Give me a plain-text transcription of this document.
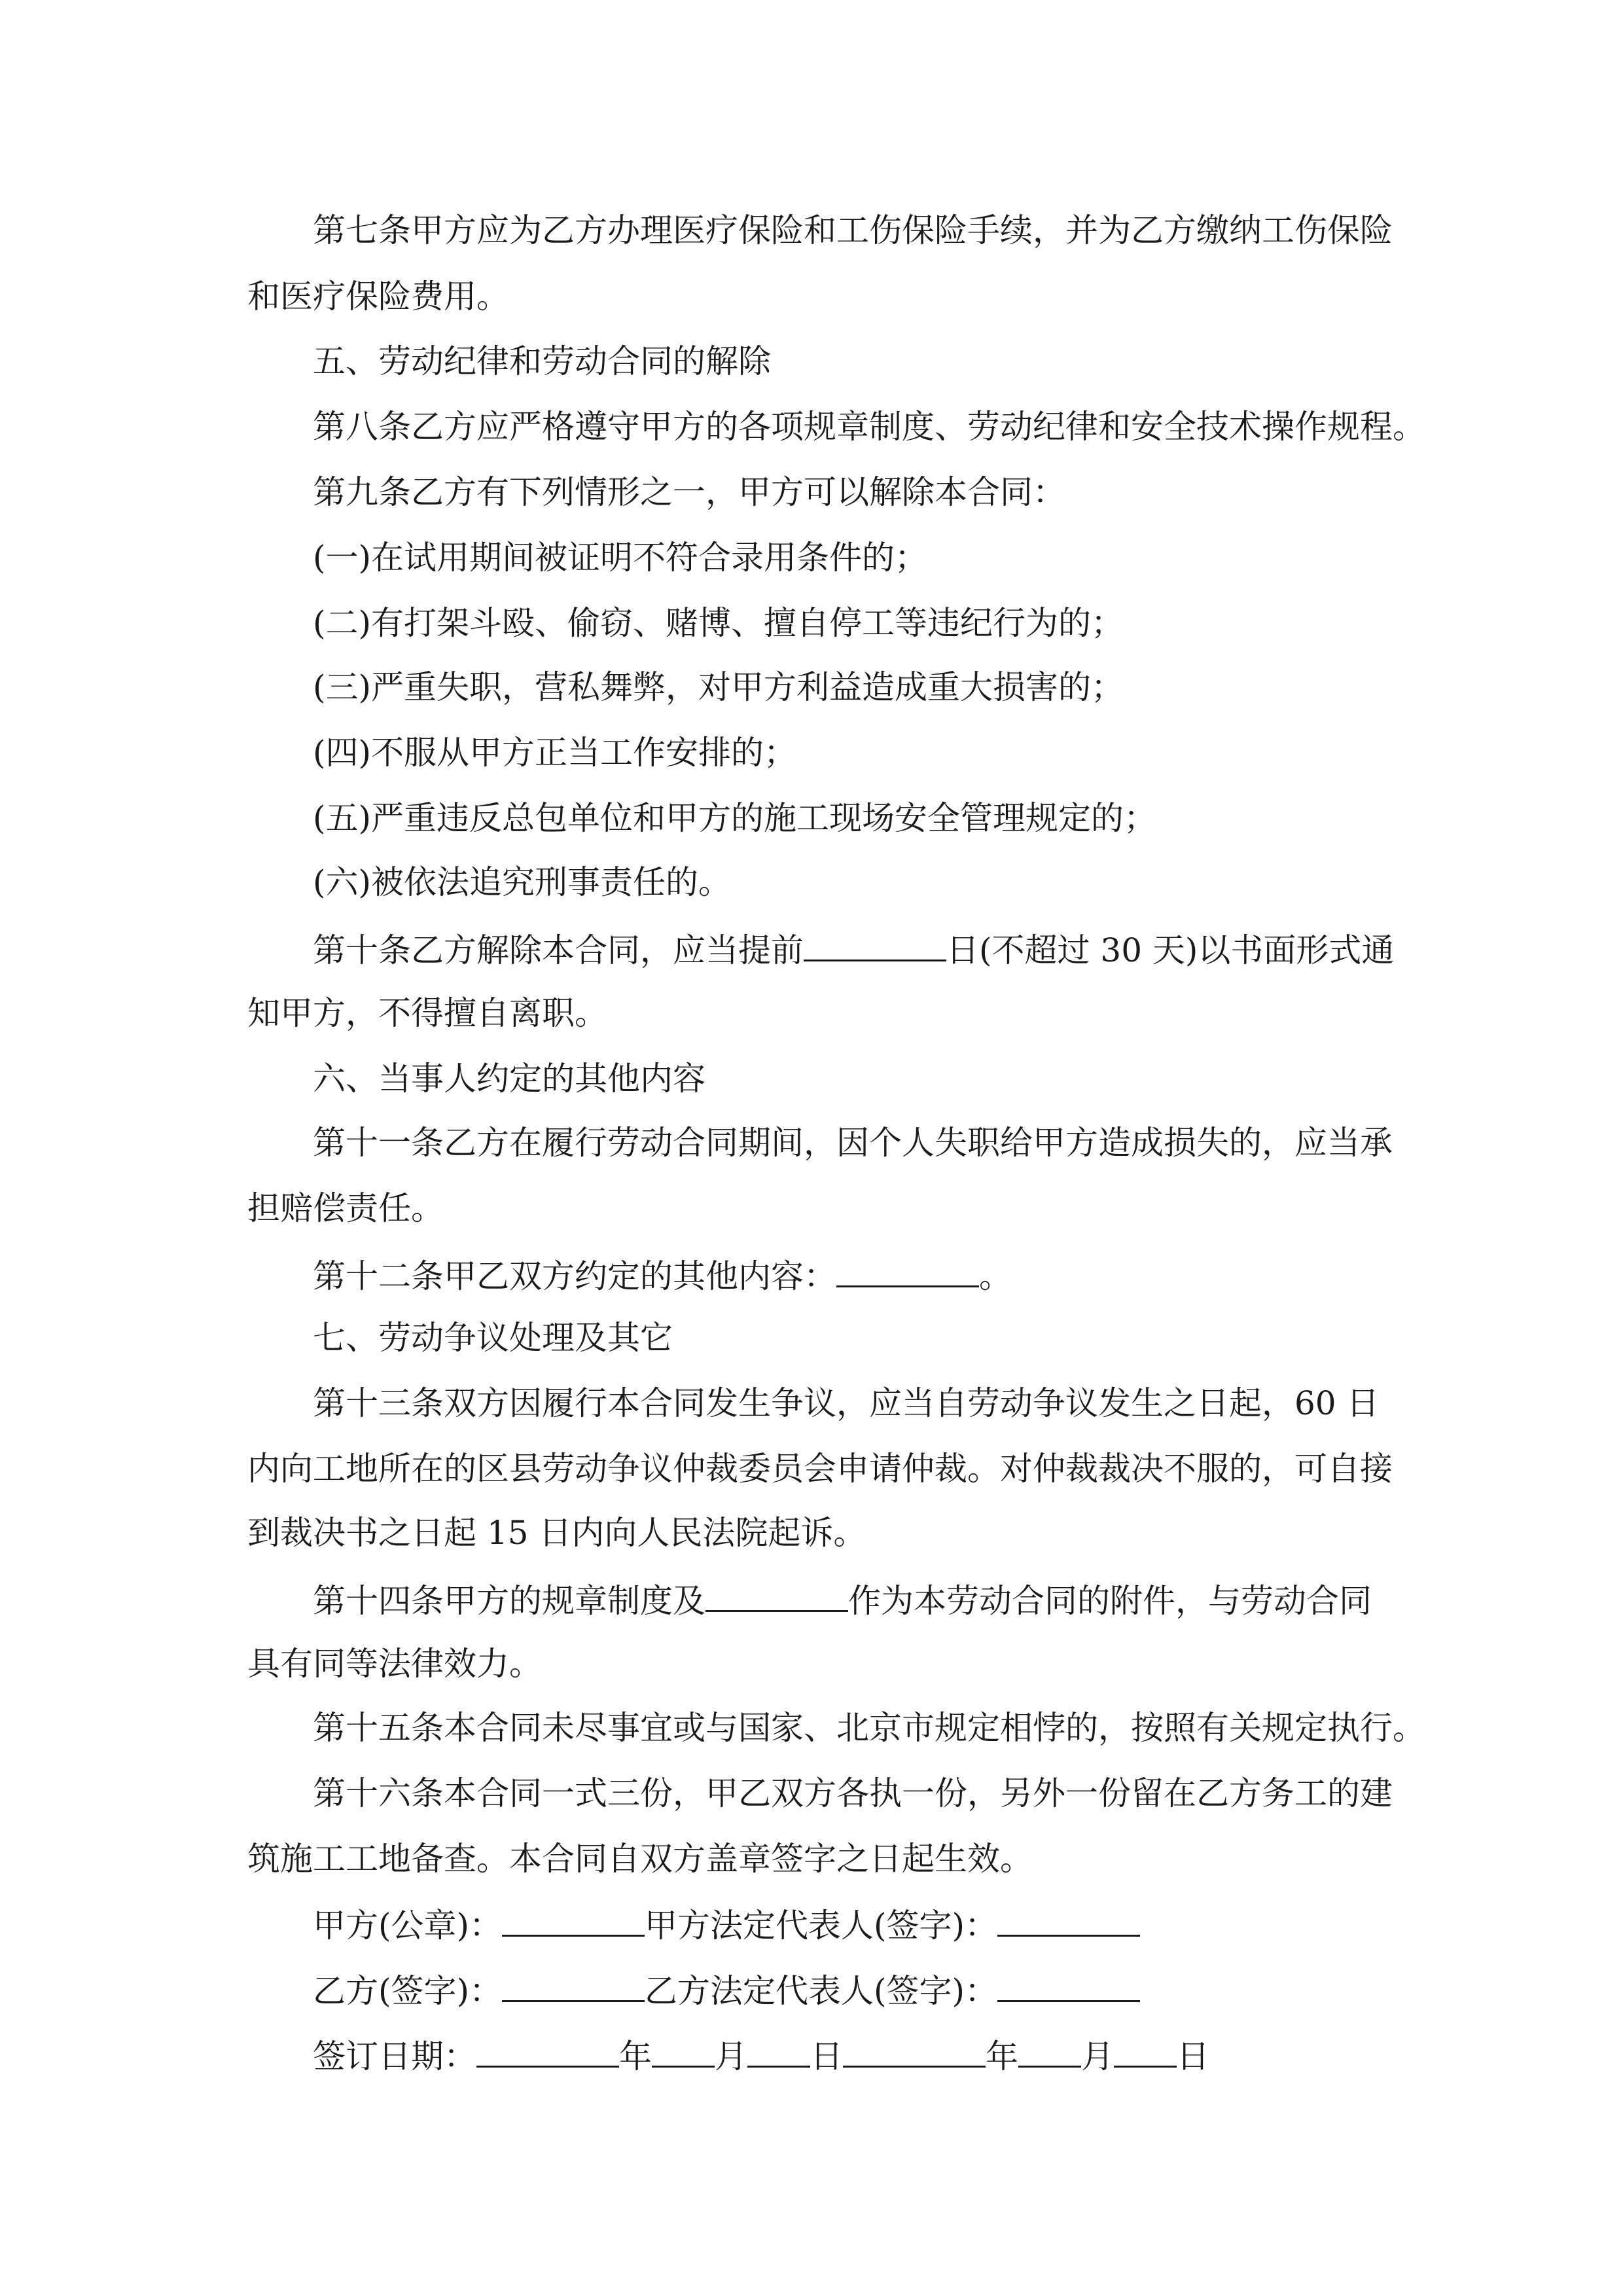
第七条甲方应为乙方办理医疗保险和工伤保险手续，并为乙方缴纳工伤保险
和医疗保险费用。
五、劳动纪律和劳动合同的解除
第八条乙方应严格遵守甲方的各项规章制度、劳动纪律和安全技术操作规程。
第九条乙方有下列情形之一，甲方可以解除本合同：
(一)在试用期间被证明不符合录用条件的；
(二)有打架斗殴、偷窃、赌博、擅自停工等违纪行为的；
(三)严重失职，营私舞弊，对甲方利益造成重大损害的；
(四)不服从甲方正当工作安排的；
(五)严重违反总包单位和甲方的施工现场安全管理规定的；
(六)被依法追究刑事责任的。
第十条乙方解除本合同，应当提前	日(不超过 30 天)以书面形式通
知甲方，不得擅自离职。
六、当事人约定的其他内容
第十一条乙方在履行劳动合同期间，因个人失职给甲方造成损失的，应当承
担赔偿责任。
第十二条甲乙双方约定的其他内容：	。
七、劳动争议处理及其它
第十三条双方因履行本合同发生争议，应当自劳动争议发生之日起，60 日
内向工地所在的区县劳动争议仲裁委员会申请仲裁。对仲裁裁决不服的，可自接
到裁决书之日起 15 日内向人民法院起诉。
第十四条甲方的规章制度及	作为本劳动合同的附件，与劳动合同
具有同等法律效力。
第十五条本合同未尽事宜或与国家、北京市规定相悖的，按照有关规定执行。
第十六条本合同一式三份，甲乙双方各执一份，另外一份留在乙方务工的建
筑施工工地备查。本合同自双方盖章签字之日起生效。
甲方(公章)：	甲方法定代表人(签字)：
乙方(签字)：	乙方法定代表人(签字)：
签订日期：	年 月 日	年 月 日
